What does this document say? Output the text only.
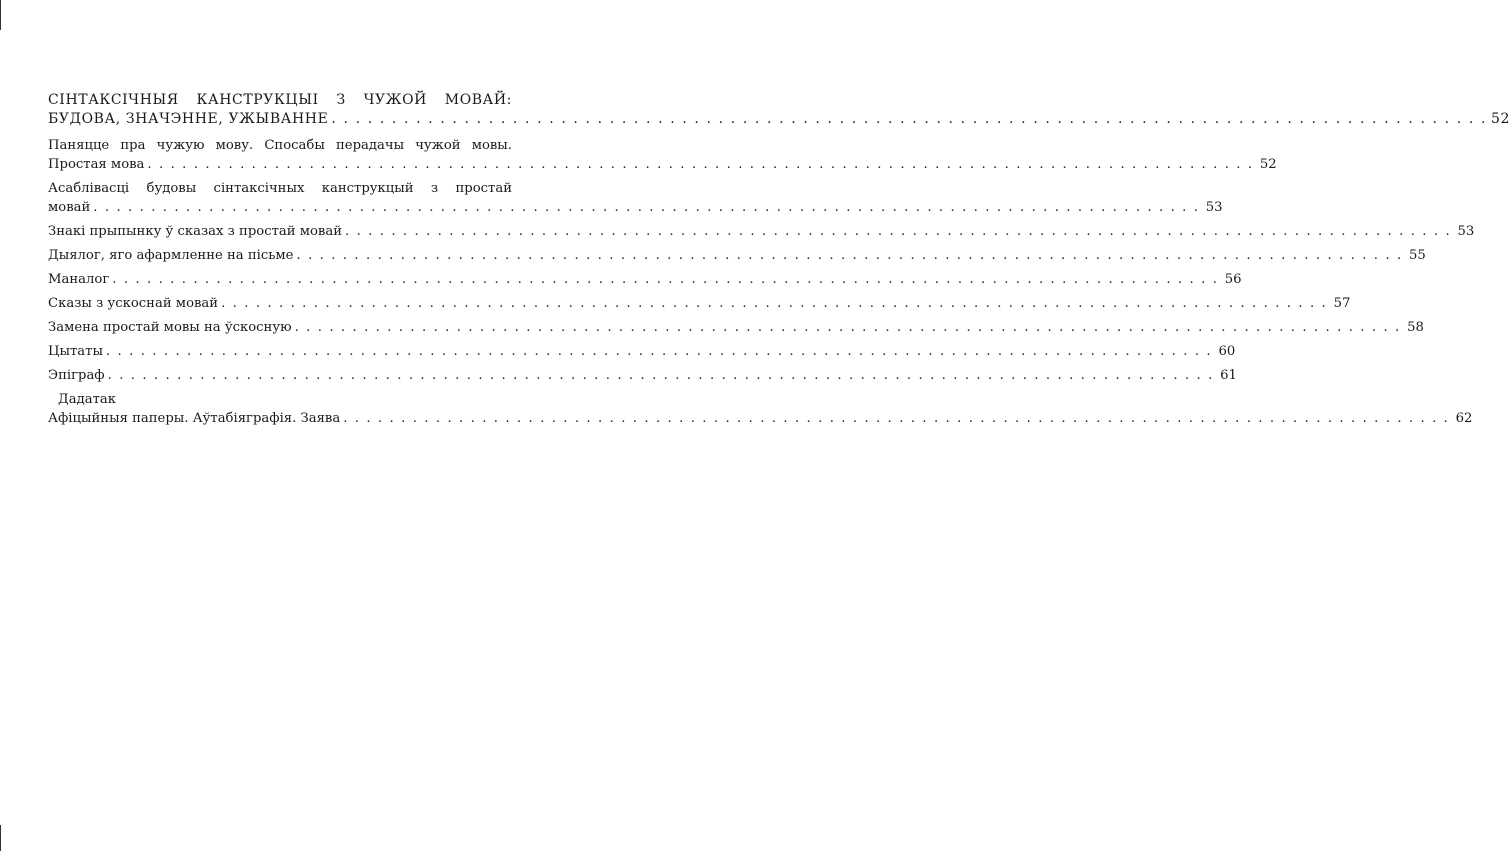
СІНТАКСІЧНЫЯ КАНСТРУКЦЫІ З ЧУЖОЙ МОВАЙ:
БУДОВА, ЗНАЧЭННЕ, УЖЫВАННЕ . . .	52
Паняцце пра чужую мову. Спосабы перадачы чужой мовы.
Простая мова . . .	52
Асаблівасці будовы сінтаксічных канструкцый з простай
мовай . . .	53
Знакі прыпынку ў сказах з простай мовай . . .	53
Дыялог, яго афармленне на пісьме . . .	55
Маналог . . .	56
Сказы з ускоснай мовай . . .	57
Замена простай мовы на ўскосную . . .	58
Цытаты . . .	60
Эпіграф . . .	61
Дадатак
Афіцыйныя паперы. Аўтабіяграфія. Заява . . .	62
